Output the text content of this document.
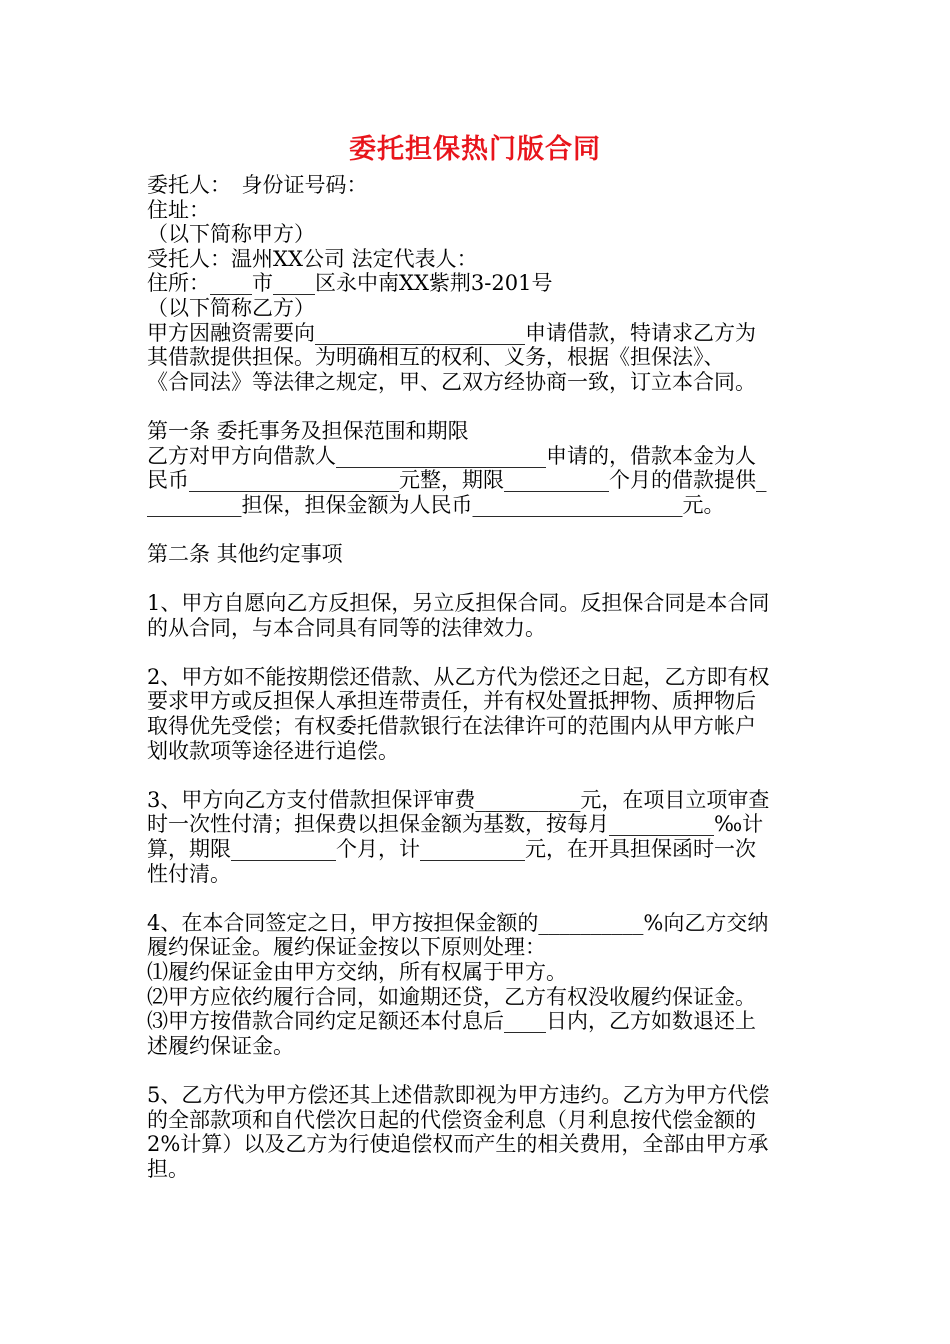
委托担保热门版合同
委托人：　身份证号码：
住址：
（以下简称甲方）
受托人：温州XX公司 法定代表人：
住所：____市____区永中南XX紫荆3-201号
（以下简称乙方）
甲方因融资需要向____________________申请借款，特请求乙方为
其借款提供担保。为明确相互的权利、义务，根据《担保法》、
《合同法》等法律之规定，甲、乙双方经协商一致，订立本合同。
第一条 委托事务及担保范围和期限
乙方对甲方向借款人____________________申请的，借款本金为人
民币____________________元整，期限__________个月的借款提供_
_________担保，担保金额为人民币____________________元。
第二条 其他约定事项
1、甲方自愿向乙方反担保，另立反担保合同。反担保合同是本合同
的从合同，与本合同具有同等的法律效力。
2、甲方如不能按期偿还借款、从乙方代为偿还之日起，乙方即有权
要求甲方或反担保人承担连带责任，并有权处置抵押物、质押物后
取得优先受偿；有权委托借款银行在法律许可的范围内从甲方帐户
划收款项等途径进行追偿。
3、甲方向乙方支付借款担保评审费__________元，在项目立项审查
时一次性付清；担保费以担保金额为基数，按每月__________‰计
算，期限__________个月，计__________元，在开具担保函时一次
性付清。
4、在本合同签定之日，甲方按担保金额的__________%向乙方交纳
履约保证金。履约保证金按以下原则处理：
⑴履约保证金由甲方交纳，所有权属于甲方。
⑵甲方应依约履行合同，如逾期还贷，乙方有权没收履约保证金。
⑶甲方按借款合同约定足额还本付息后____日内，乙方如数退还上
述履约保证金。
5、乙方代为甲方偿还其上述借款即视为甲方违约。乙方为甲方代偿
的全部款项和自代偿次日起的代偿资金利息（月利息按代偿金额的
2%计算）以及乙方为行使追偿权而产生的相关费用，全部由甲方承
担。
